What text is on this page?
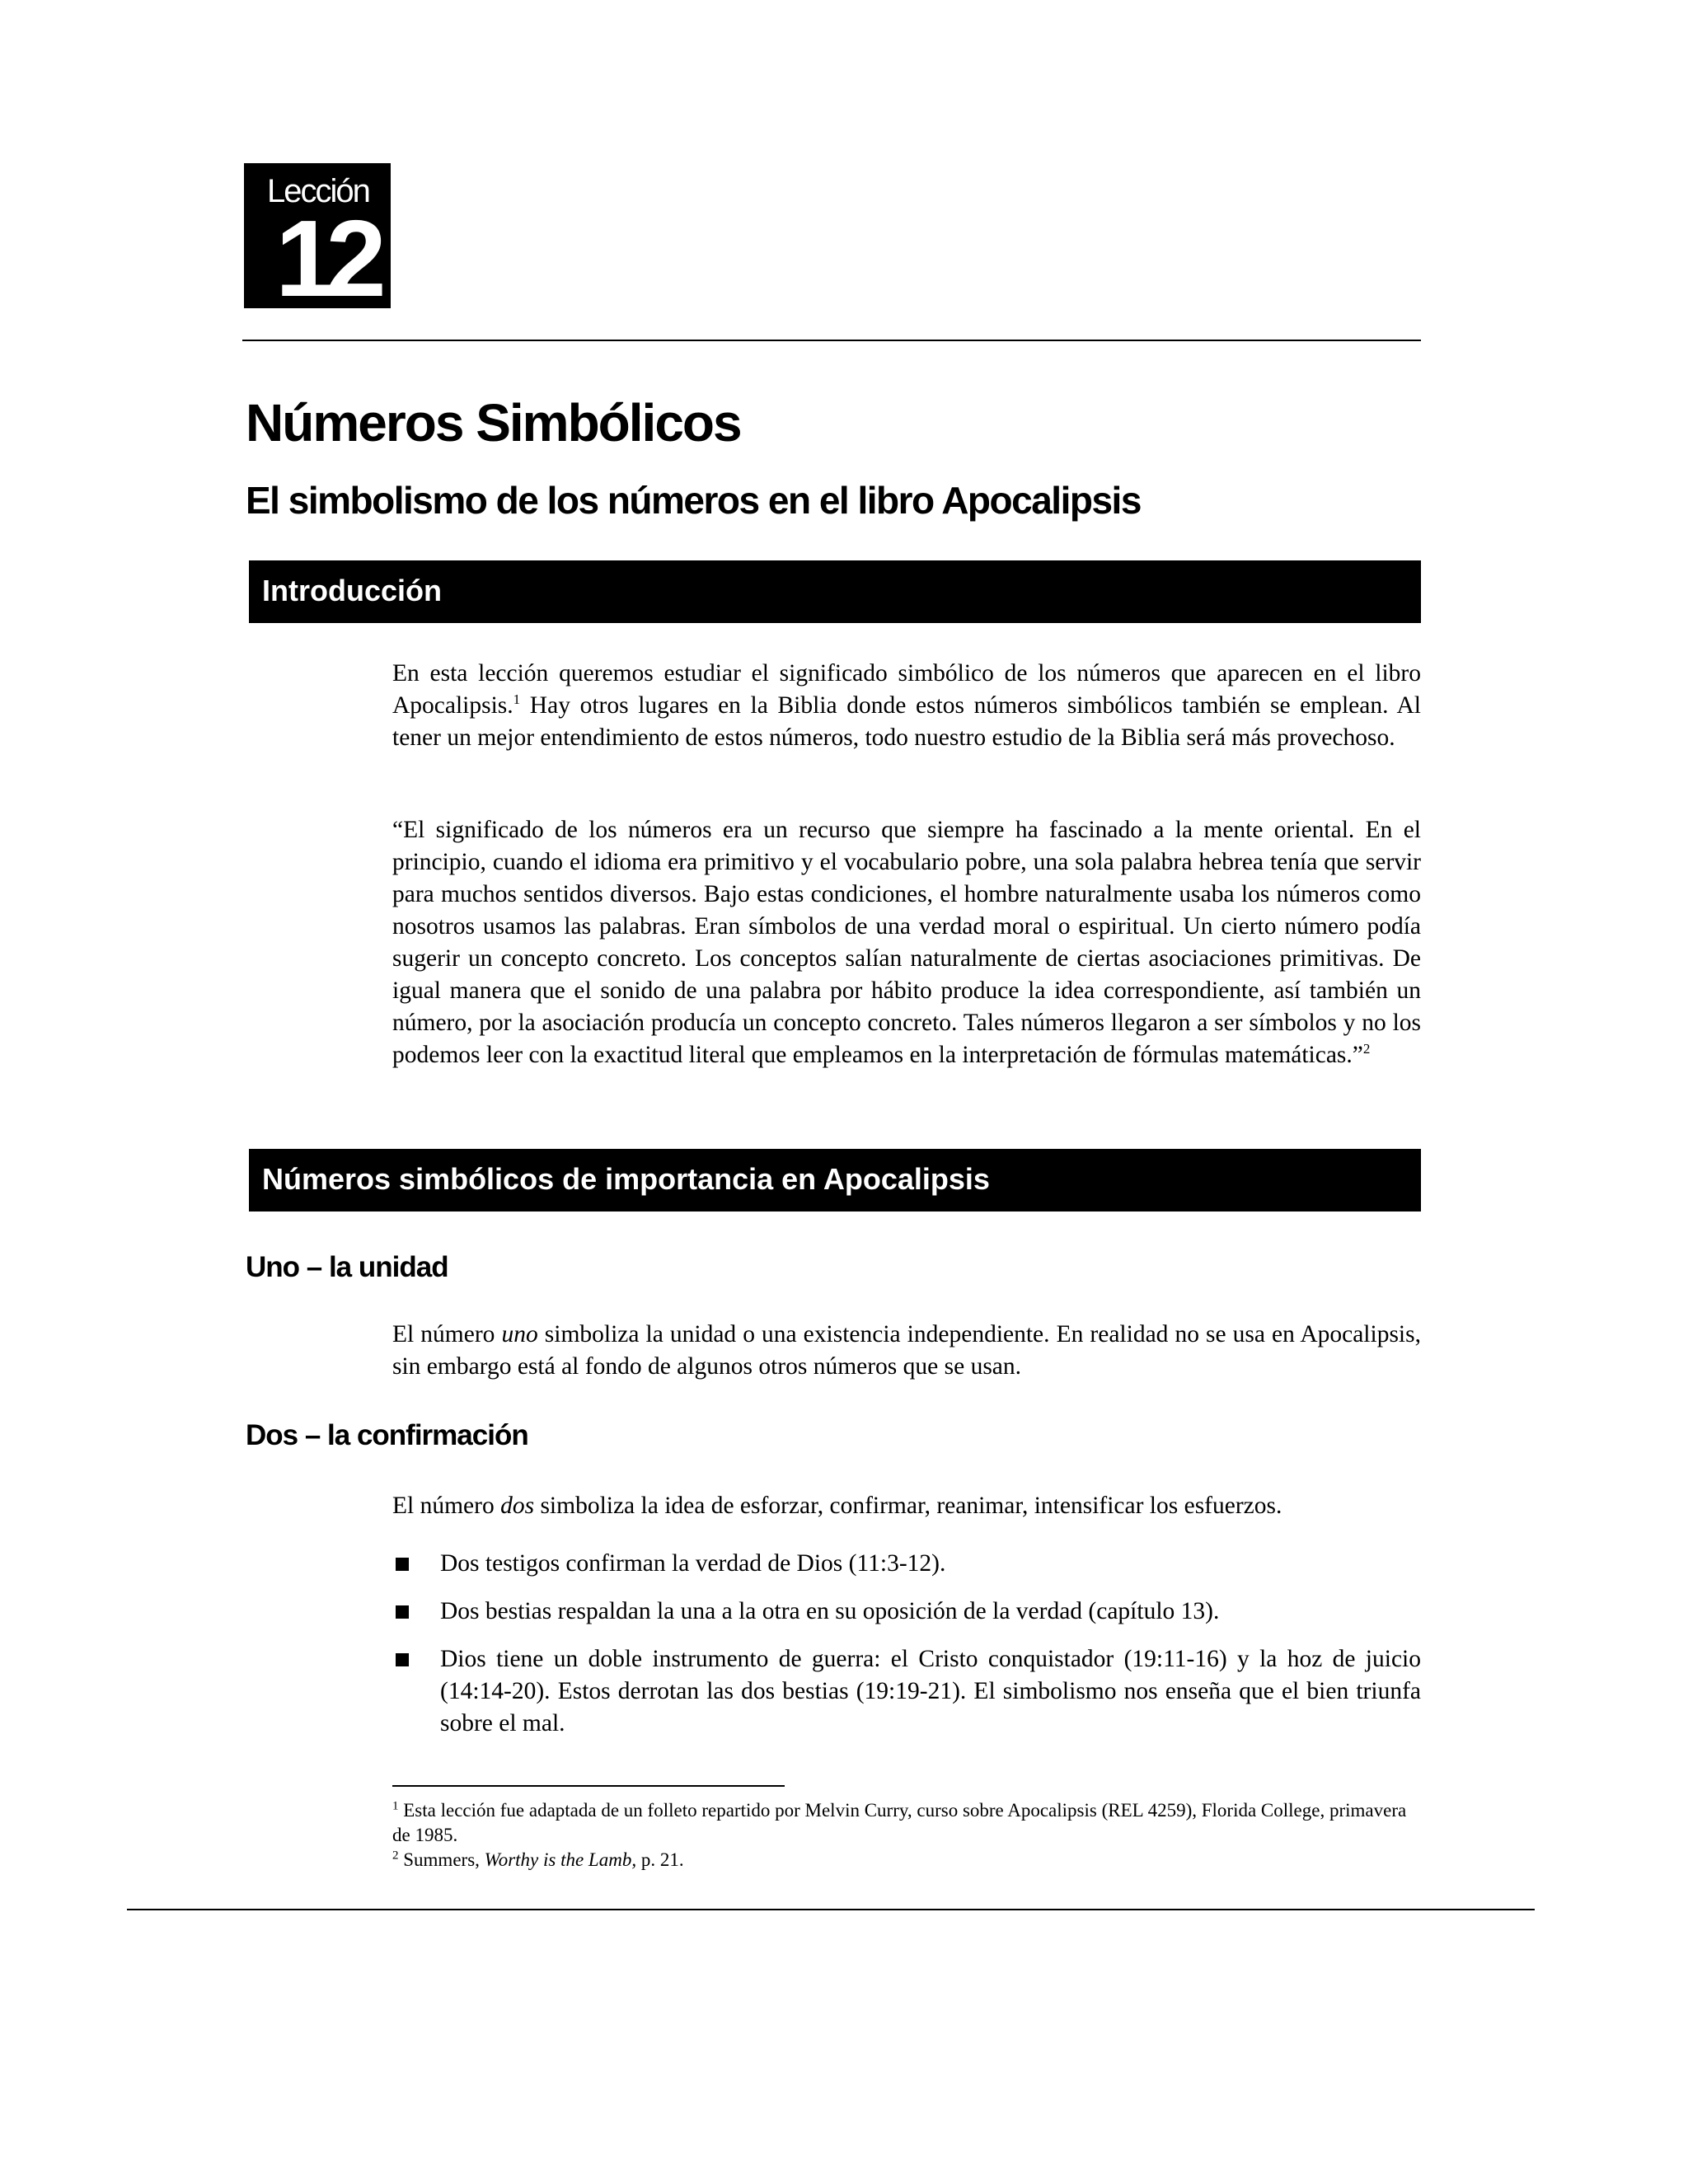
Lección
12
Números Simbólicos
El simbolismo de los números en el libro Apocalipsis
Introducción

En esta lección queremos estudiar el significado simbólico de los números que aparecen en el libro Apocalipsis.$^1$ Hay otros lugares en la Biblia donde estos números simbólicos también se emplean. Al tener un mejor entendimiento de estos números, todo nuestro estudio de la Biblia será más provechoso.

“El significado de los números era un recurso que siempre ha fascinado a la mente oriental. En el principio, cuando el idioma era primitivo y el vocabulario pobre, una sola palabra hebrea tenía que servir para muchos sentidos diversos. Bajo estas condiciones, el hombre naturalmente usaba los números como nosotros usamos las palabras. Eran símbolos de una verdad moral o espiritual. Un cierto número podía sugerir un concepto concreto. Los conceptos salían naturalmente de ciertas asociaciones primitivas. De igual manera que el sonido de una palabra por hábito produce la idea correspondiente, así también un número, por la asociación producía un concepto concreto. Tales números llegaron a ser símbolos y no los podemos leer con la exactitud literal que empleamos en la interpretación de fórmulas matemáticas.”$^2$

Números simbólicos de importancia en Apocalipsis
Uno – la unidad

El número uno simboliza la unidad o una existencia independiente. En realidad no se usa en Apocalipsis, sin embargo está al fondo de algunos otros números que se usan.

Dos – la confirmación

El número dos simboliza la idea de esforzar, confirmar, reanimar, intensificar los esfuerzos.

Dos testigos confirman la verdad de Dios (11:3-12).
Dos bestias respaldan la una a la otra en su oposición de la verdad (capítulo 13).
Dios tiene un doble instrumento de guerra: el Cristo conquistador (19:11-16) y la hoz de juicio (14:14-20). Estos derrotan las dos bestias (19:19-21). El simbolismo nos enseña que el bien triunfa sobre el mal.

$^1$ Esta lección fue adaptada de un folleto repartido por Melvin Curry, curso sobre Apocalipsis (REL 4259), Florida College, primavera de 1985.

$^2$ Summers, Worthy is the Lamb, p. 21.
